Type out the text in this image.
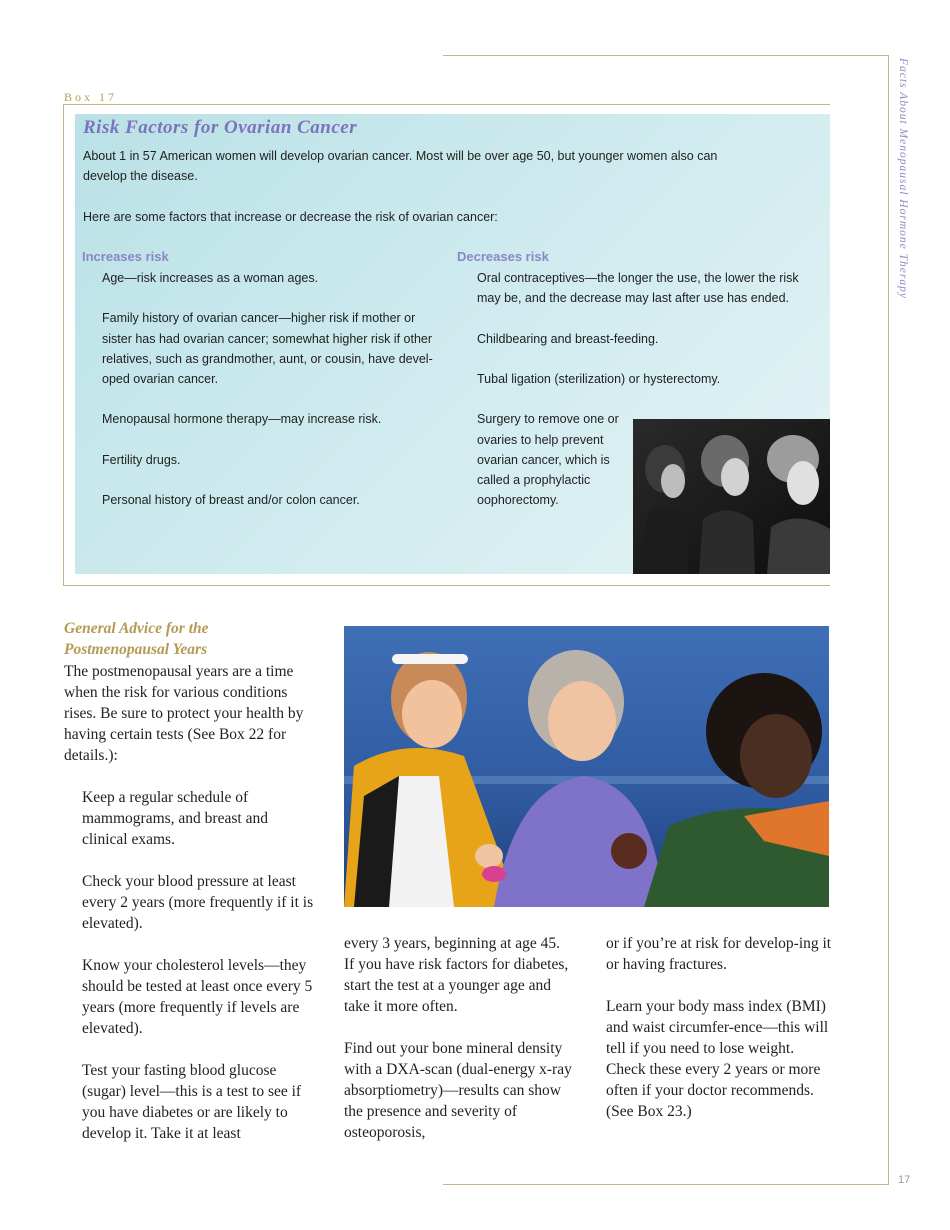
Facts About Menopausal Hormone Therapy
17
Box 17
Risk Factors for Ovarian Cancer
About 1 in 57 American women will develop ovarian cancer. Most will be over age 50, but younger women also can develop the disease.
Here are some factors that increase or decrease the risk of ovarian cancer:
Increases risk
Age—risk increases as a woman ages.
Family history of ovarian cancer—higher risk if mother or sister has had ovarian cancer; somewhat higher risk if other relatives, such as grandmother, aunt, or cousin, have devel-oped ovarian cancer.
Menopausal hormone therapy—may increase risk.
Fertility drugs.
Personal history of breast and/or colon cancer.
Decreases risk
Oral contraceptives—the longer the use, the lower the risk may be, and the decrease may last after use has ended.
Childbearing and breast-feeding.
Tubal ligation (sterilization) or hysterectomy.
Surgery to remove one or ovaries to help prevent ovarian cancer, which is called a prophylactic oophorectomy.
General Advice for the Postmenopausal Years
The postmenopausal years are a time when the risk for various conditions rises. Be sure to protect your health by having certain tests (See Box 22 for details.):
Keep a regular schedule of mammograms, and breast and clinical exams.
Check your blood pressure at least every 2 years (more frequently if it is elevated).
Know your cholesterol levels—they should be tested at least once every 5 years (more frequently if levels are elevated).
Test your fasting blood glucose (sugar) level—this is a test to see if you have diabetes or are likely to develop it. Take it at least

every 3 years, beginning at age 45. If you have risk factors for diabetes, start the test at a younger age and take it more often.

Find out your bone mineral density with a DXA-scan (dual-energy x-ray absorptiometry)—results can show the presence and severity of osteoporosis,

or if you’re at risk for develop-ing it or having fractures.

Learn your body mass index (BMI) and waist circumfer-ence—this will tell if you need to lose weight. Check these every 2 years or more often if your doctor recommends. (See Box 23.)
